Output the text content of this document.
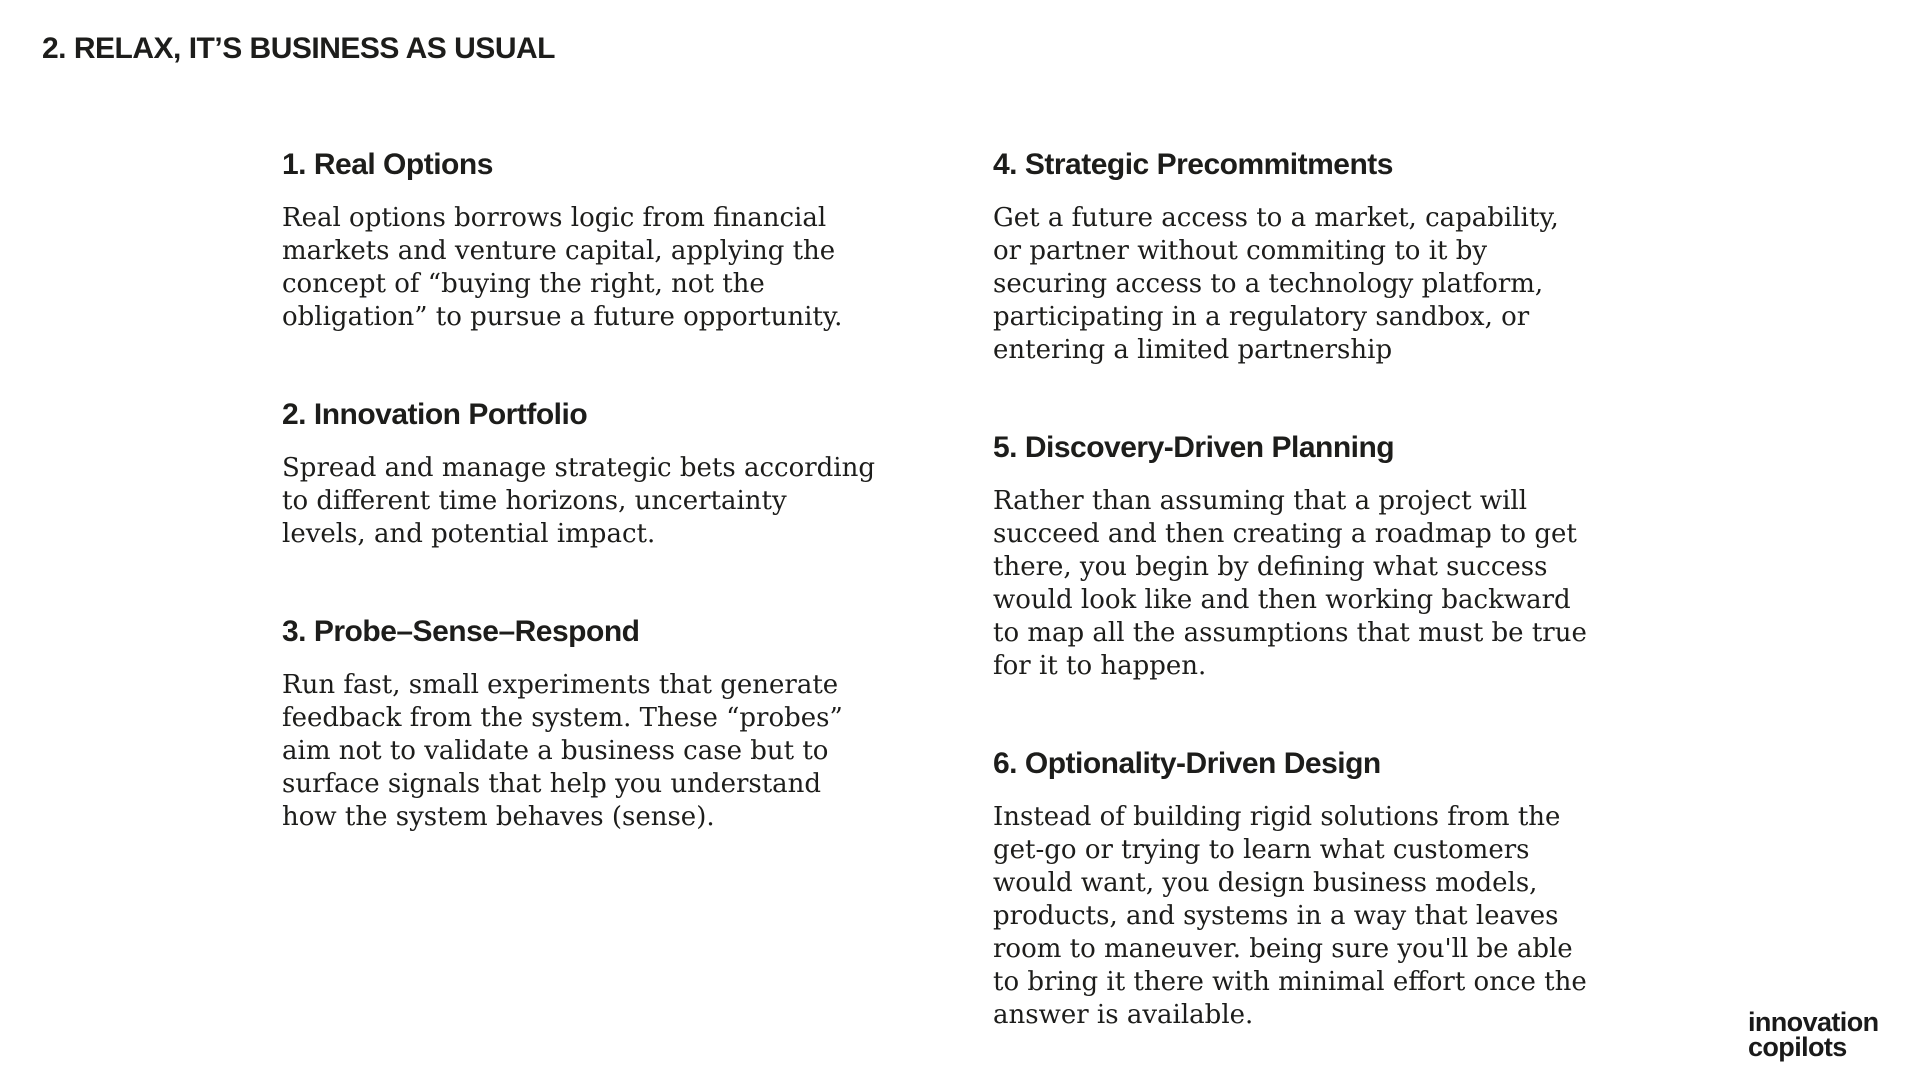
2. RELAX, IT’S BUSINESS AS USUAL
1. Real Options
Real options borrows logic from financial
markets and venture capital, applying the
concept of “buying the right, not the
obligation” to pursue a future opportunity.
2. Innovation Portfolio
Spread and manage strategic bets according
to different time horizons, uncertainty
levels, and potential impact.
3. Probe–Sense–Respond
Run fast, small experiments that generate
feedback from the system. These “probes”
aim not to validate a business case but to
surface signals that help you understand
how the system behaves (sense).
4. Strategic Precommitments
Get a future access to a market, capability,
or partner without commiting to it by
securing access to a technology platform,
participating in a regulatory sandbox, or
entering a limited partnership
5. Discovery-Driven Planning
Rather than assuming that a project will
succeed and then creating a roadmap to get
there, you begin by defining what success
would look like and then working backward
to map all the assumptions that must be true
for it to happen.
6. Optionality-Driven Design
Instead of building rigid solutions from the
get-go or trying to learn what customers
would want, you design business models,
products, and systems in a way that leaves
room to maneuver. being sure you'll be able
to bring it there with minimal effort once the
answer is available.	innovation
copilots
